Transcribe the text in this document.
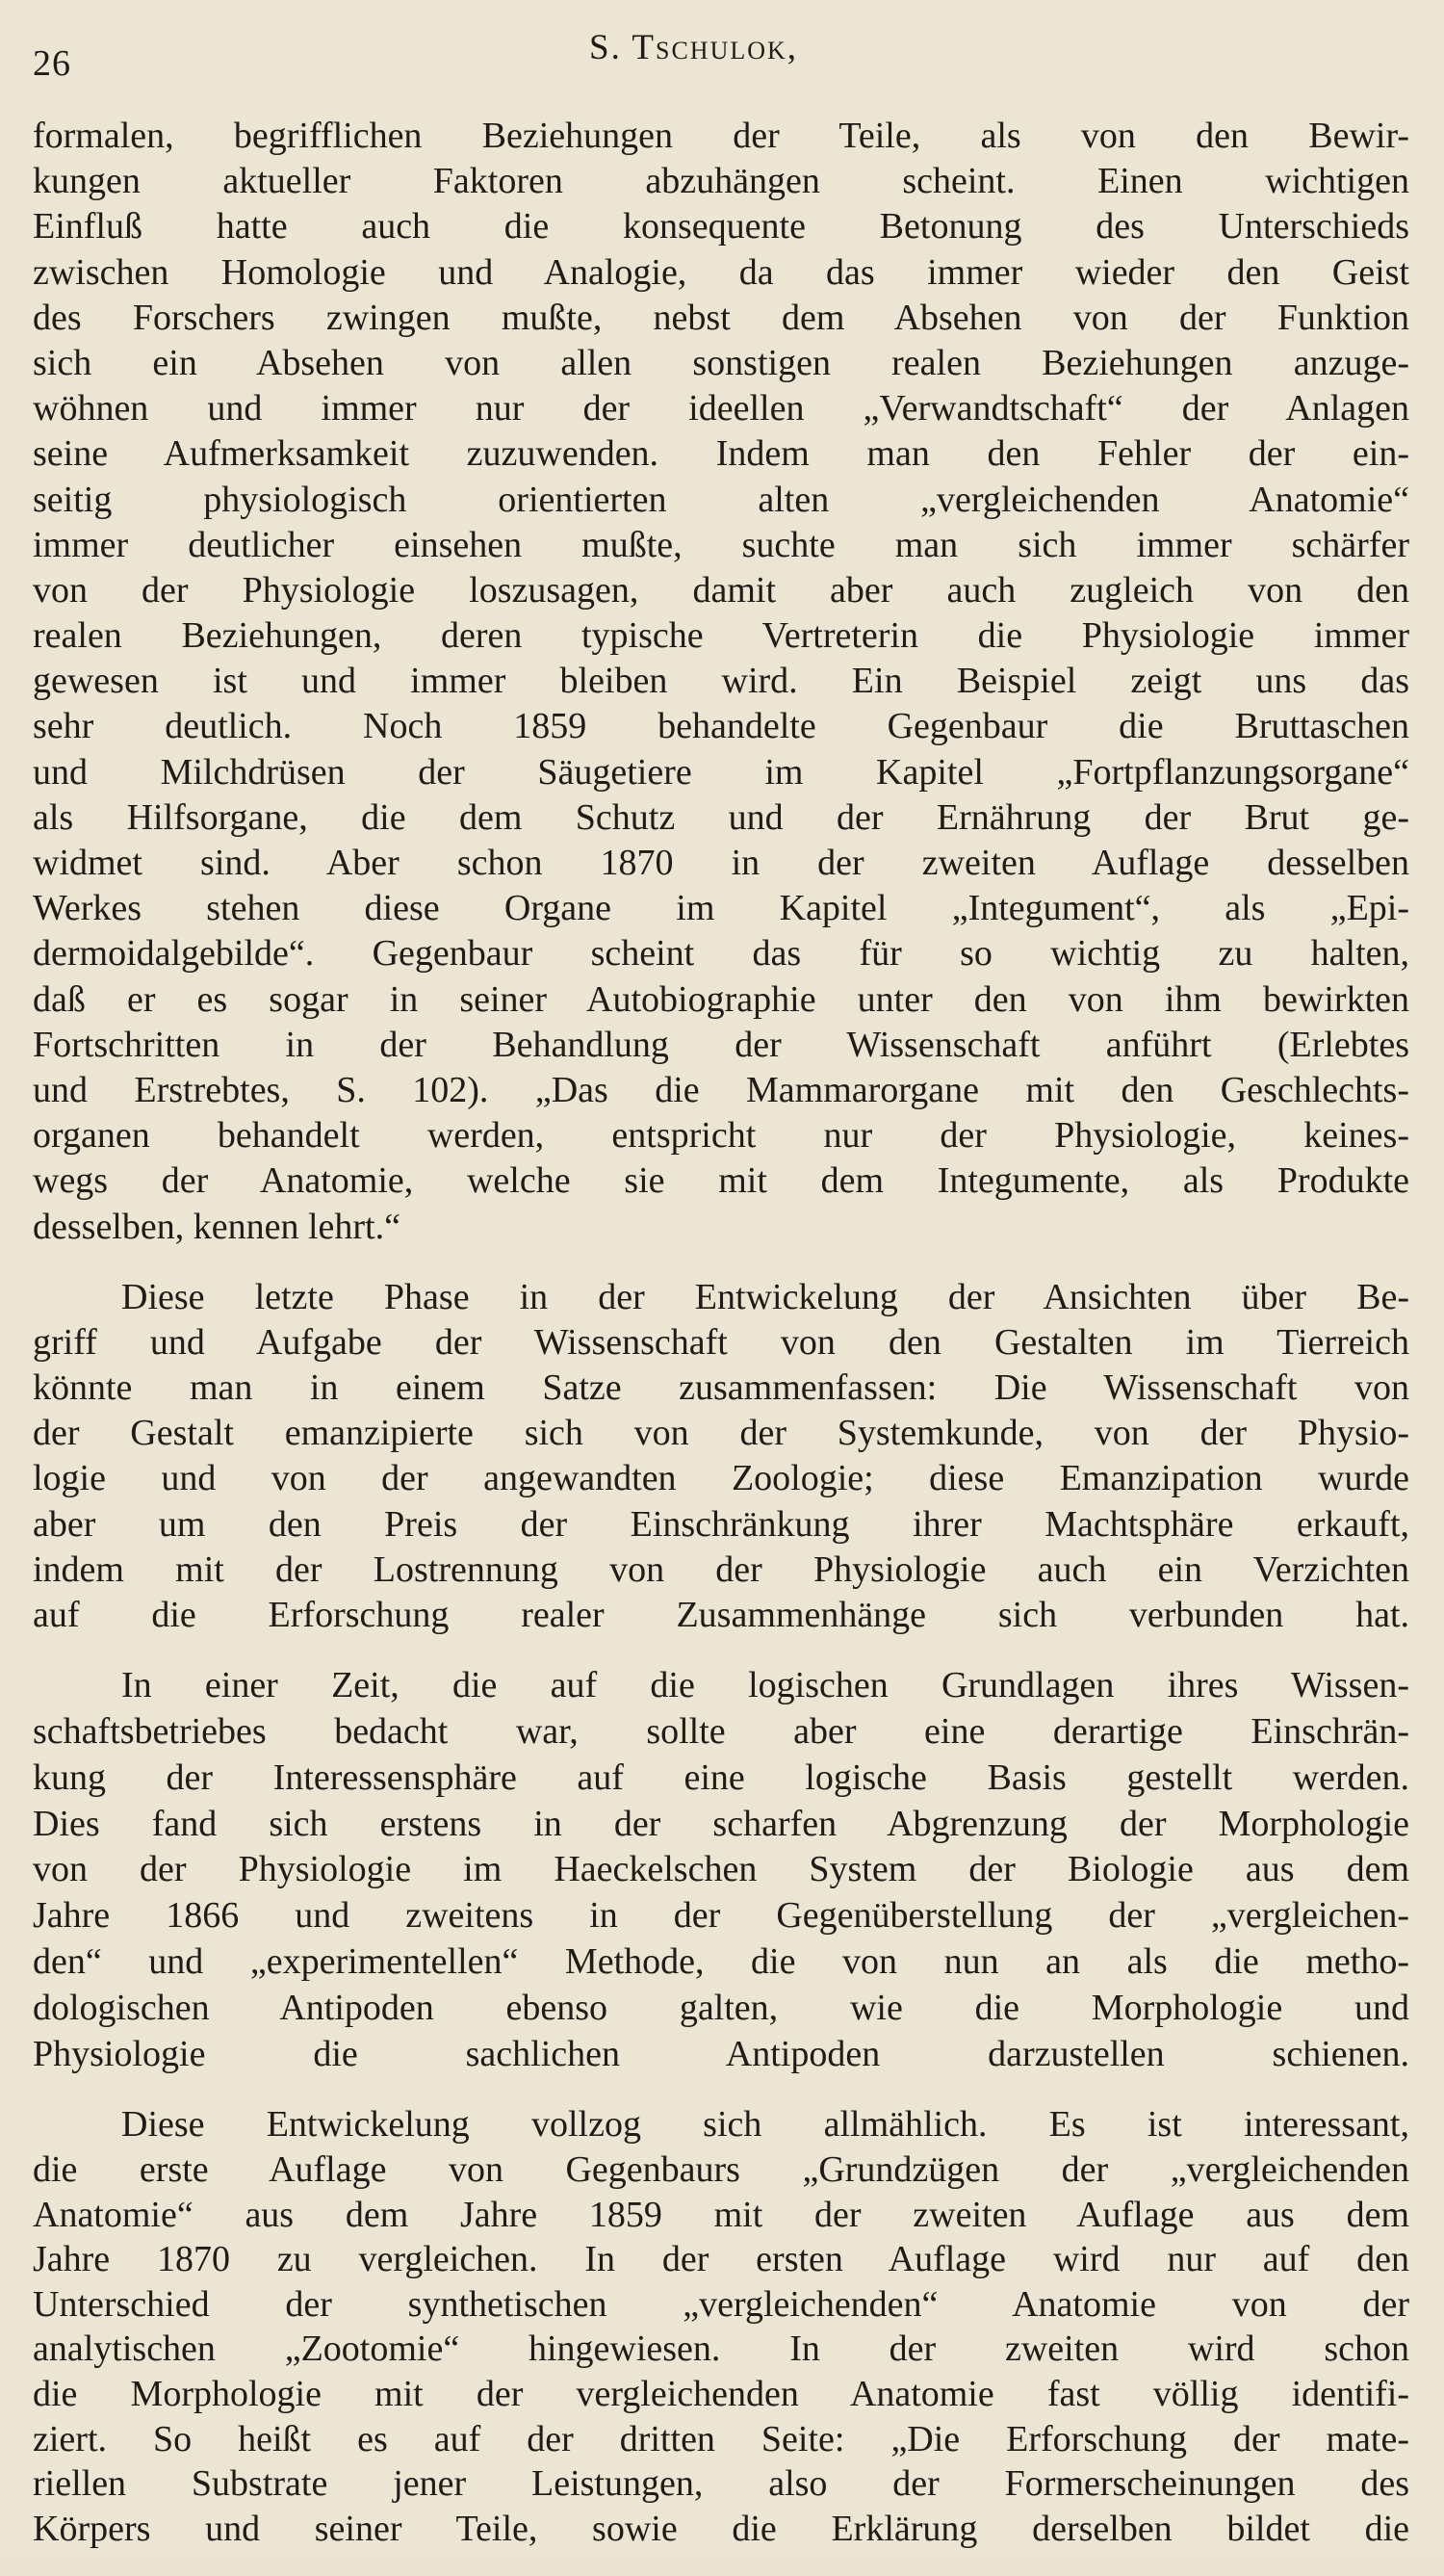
26	S. Tschulok,
formalen, begrifflichen Beziehungen der Teile, als von den Bewir-
kungen aktueller Faktoren abzuhängen scheint. Einen wichtigen
Einfluß hatte auch die konsequente Betonung des Unterschieds
zwischen Homologie und Analogie, da das immer wieder den Geist
des Forschers zwingen mußte, nebst dem Absehen von der Funktion
sich ein Absehen von allen sonstigen realen Beziehungen anzuge-
wöhnen und immer nur der ideellen „Verwandtschaft“ der Anlagen
seine Aufmerksamkeit zuzuwenden. Indem man den Fehler der ein-
seitig physiologisch orientierten alten „vergleichenden Anatomie“
immer deutlicher einsehen mußte, suchte man sich immer schärfer
von der Physiologie loszusagen, damit aber auch zugleich von den
realen Beziehungen, deren typische Vertreterin die Physiologie immer
gewesen ist und immer bleiben wird. Ein Beispiel zeigt uns das
sehr deutlich. Noch 1859 behandelte Gegenbaur die Bruttaschen
und Milchdrüsen der Säugetiere im Kapitel „Fortpflanzungsorgane“
als Hilfsorgane, die dem Schutz und der Ernährung der Brut ge-
widmet sind. Aber schon 1870 in der zweiten Auflage desselben
Werkes stehen diese Organe im Kapitel „Integument“, als „Epi-
dermoidalgebilde“. Gegenbaur scheint das für so wichtig zu halten,
daß er es sogar in seiner Autobiographie unter den von ihm bewirkten
Fortschritten in der Behandlung der Wissenschaft anführt (Erlebtes
und Erstrebtes, S. 102). „Das die Mammarorgane mit den Geschlechts-
organen behandelt werden, entspricht nur der Physiologie, keines-
wegs der Anatomie, welche sie mit dem Integumente, als Produkte
desselben, kennen lehrt.“
Diese letzte Phase in der Entwickelung der Ansichten über Be-
griff und Aufgabe der Wissenschaft von den Gestalten im Tierreich
könnte man in einem Satze zusammenfassen: Die Wissenschaft von
der Gestalt emanzipierte sich von der Systemkunde, von der Physio-
logie und von der angewandten Zoologie; diese Emanzipation wurde
aber um den Preis der Einschränkung ihrer Machtsphäre erkauft,
indem mit der Lostrennung von der Physiologie auch ein Verzichten
auf die Erforschung realer Zusammenhänge sich verbunden hat.
In einer Zeit, die auf die logischen Grundlagen ihres Wissen-
schaftsbetriebes bedacht war, sollte aber eine derartige Einschrän-
kung der Interessensphäre auf eine logische Basis gestellt werden.
Dies fand sich erstens in der scharfen Abgrenzung der Morphologie
von der Physiologie im Haeckelschen System der Biologie aus dem
Jahre 1866 und zweitens in der Gegenüberstellung der „vergleichen-
den“ und „experimentellen“ Methode, die von nun an als die metho-
dologischen Antipoden ebenso galten, wie die Morphologie und
Physiologie die sachlichen Antipoden darzustellen schienen.
Diese Entwickelung vollzog sich allmählich. Es ist interessant,
die erste Auflage von Gegenbaurs „Grundzügen der „vergleichenden
Anatomie“ aus dem Jahre 1859 mit der zweiten Auflage aus dem
Jahre 1870 zu vergleichen. In der ersten Auflage wird nur auf den
Unterschied der synthetischen „vergleichenden“ Anatomie von der
analytischen „Zootomie“ hingewiesen. In der zweiten wird schon
die Morphologie mit der vergleichenden Anatomie fast völlig identifi-
ziert. So heißt es auf der dritten Seite: „Die Erforschung der mate-
riellen Substrate jener Leistungen, also der Formerscheinungen des
Körpers und seiner Teile, sowie die Erklärung derselben bildet die
